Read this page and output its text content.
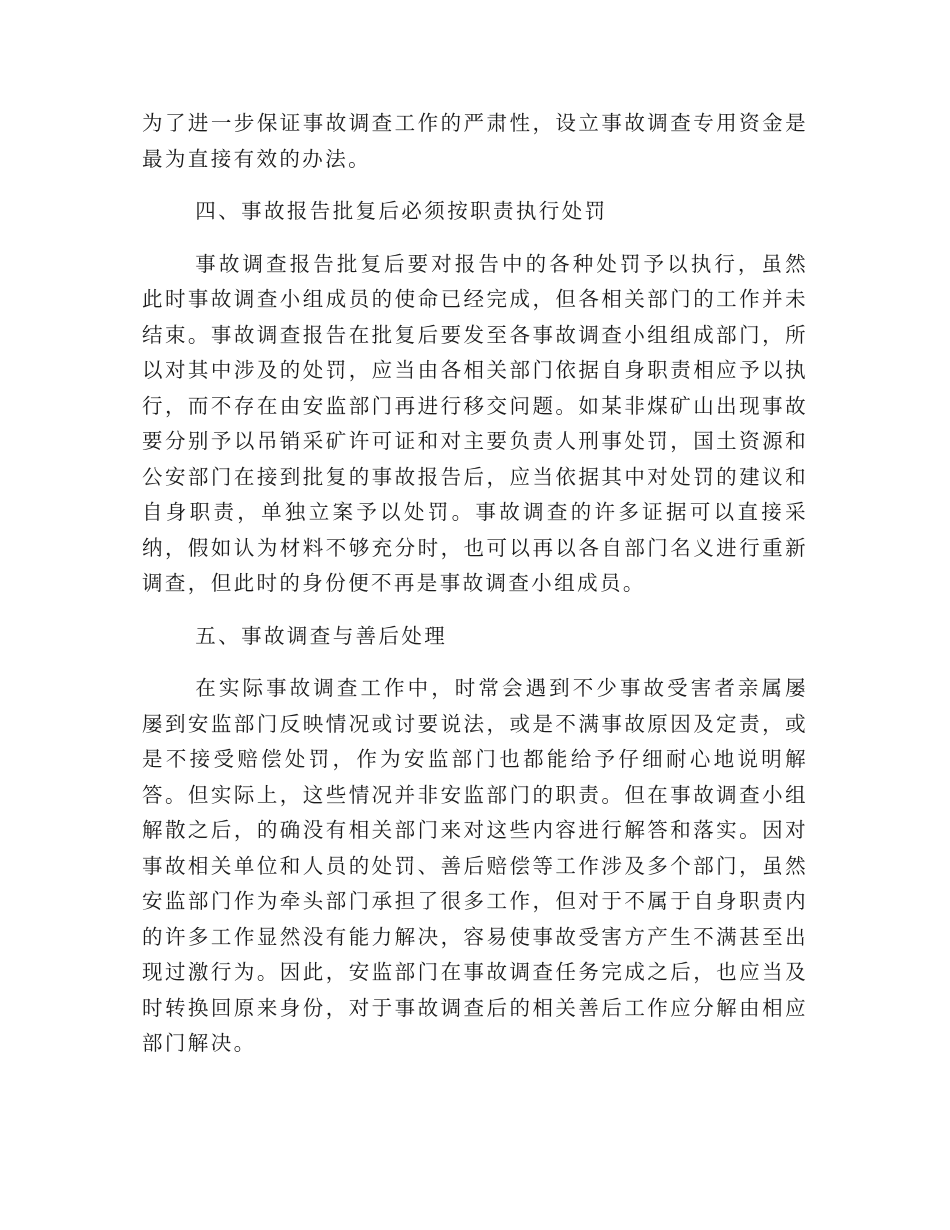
为了进一步保证事故调查工作的严肃性，设立事故调查专用资金是最为直接有效的办法。

四、事故报告批复后必须按职责执行处罚

事故调查报告批复后要对报告中的各种处罚予以执行，虽然此时事故调查小组成员的使命已经完成，但各相关部门的工作并未结束。事故调查报告在批复后要发至各事故调查小组组成部门，所以对其中涉及的处罚，应当由各相关部门依据自身职责相应予以执行，而不存在由安监部门再进行移交问题。如某非煤矿山出现事故要分别予以吊销采矿许可证和对主要负责人刑事处罚，国土资源和公安部门在接到批复的事故报告后，应当依据其中对处罚的建议和自身职责，单独立案予以处罚。事故调查的许多证据可以直接采纳，假如认为材料不够充分时，也可以再以各自部门名义进行重新调查，但此时的身份便不再是事故调查小组成员。

五、事故调查与善后处理

在实际事故调查工作中，时常会遇到不少事故受害者亲属屡屡到安监部门反映情况或讨要说法，或是不满事故原因及定责，或是不接受赔偿处罚，作为安监部门也都能给予仔细耐心地说明解答。但实际上，这些情况并非安监部门的职责。但在事故调查小组解散之后，的确没有相关部门来对这些内容进行解答和落实。因对事故相关单位和人员的处罚、善后赔偿等工作涉及多个部门，虽然安监部门作为牵头部门承担了很多工作，但对于不属于自身职责内的许多工作显然没有能力解决，容易使事故受害方产生不满甚至出现过激行为。因此，安监部门在事故调查任务完成之后，也应当及时转换回原来身份，对于事故调查后的相关善后工作应分解由相应部门解决。
